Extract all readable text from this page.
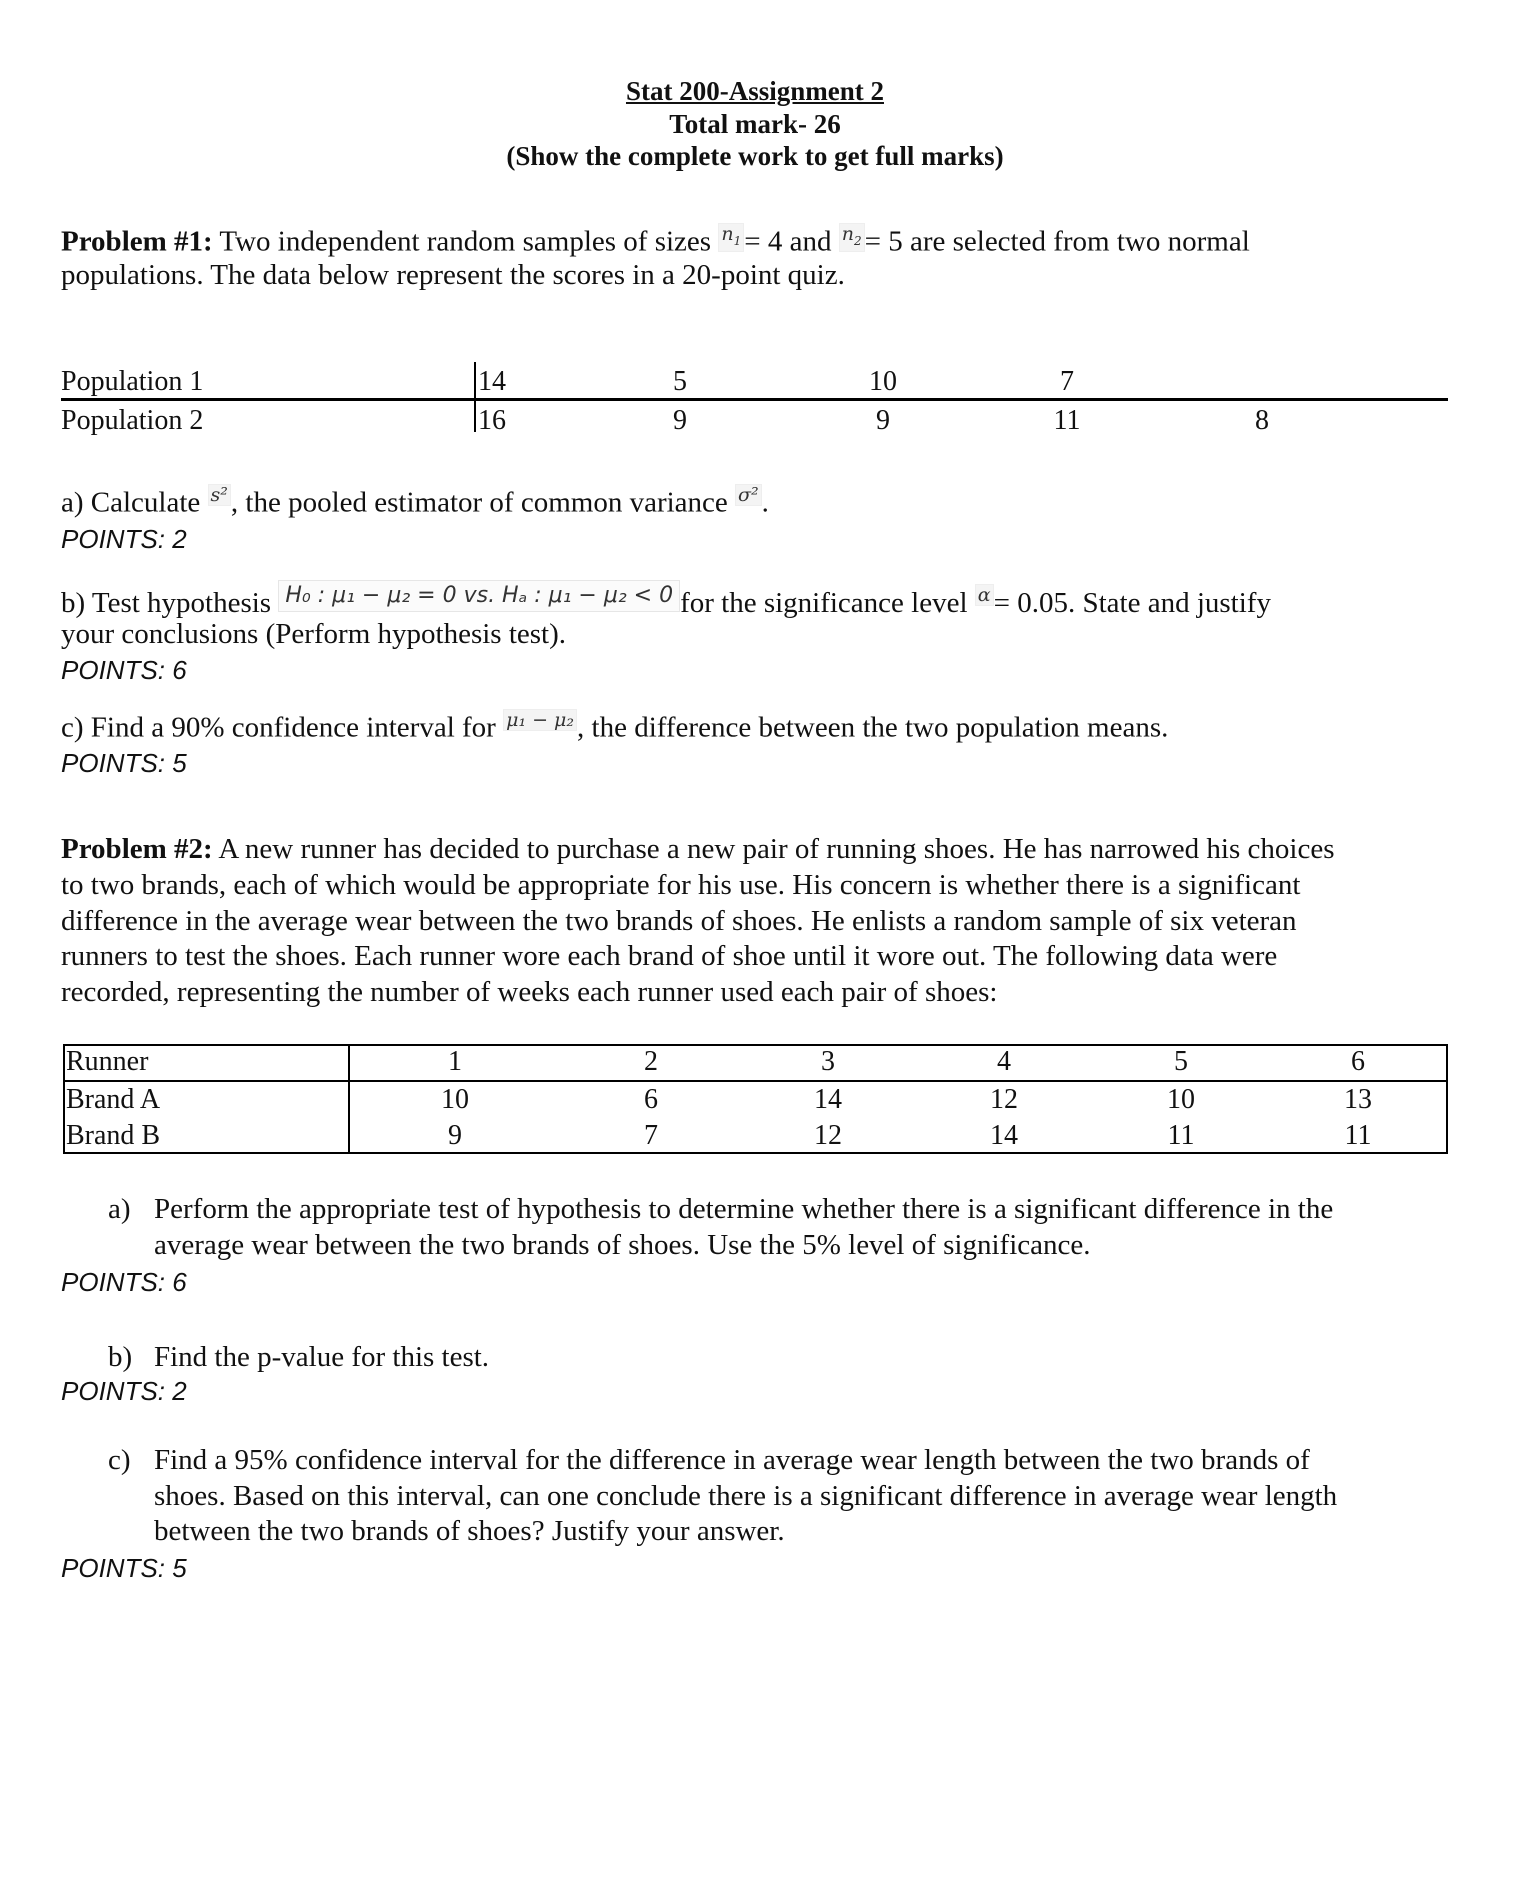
Stat 200-Assignment 2
Total mark- 26
(Show the complete work to get full marks)
Problem #1: Two independent random samples of sizes $n_1 = 4$ and $n_2 = 5$ are selected from two normal
populations. The data below represent the scores in a 20-point quiz.
Population 1	14	5	10	7
Population 2	16	9	9	11	8
a) Calculate s² , the pooled estimator of common variance σ² .
POINTS: 2
b) Test hypothesis H₀ : μ₁ − μ₂ = 0 vs. Hₐ : μ₁ − μ₂ < 0 for the significance level α = 0.05. State and justify
your conclusions (Perform hypothesis test).
POINTS: 6
c) Find a 90% confidence interval for μ₁ − μ₂ , the difference between the two population means.
POINTS: 5
Problem #2: A new runner has decided to purchase a new pair of running shoes. He has narrowed his choices
to two brands, each of which would be appropriate for his use. His concern is whether there is a significant
difference in the average wear between the two brands of shoes. He enlists a random sample of six veteran
runners to test the shoes. Each runner wore each brand of shoe until it wore out. The following data were
recorded, representing the number of weeks each runner used each pair of shoes:
Runner	1	2	3	4	5	6
Brand A	10	6	14	12	10	13
Brand B	9	7	12	14	11	11
a) Perform the appropriate test of hypothesis to determine whether there is a significant difference in the
average wear between the two brands of shoes. Use the 5% level of significance.
POINTS: 6
b) Find the p-value for this test.
POINTS: 2
c) Find a 95% confidence interval for the difference in average wear length between the two brands of
shoes. Based on this interval, can one conclude there is a significant difference in average wear length
between the two brands of shoes? Justify your answer.
POINTS: 5
